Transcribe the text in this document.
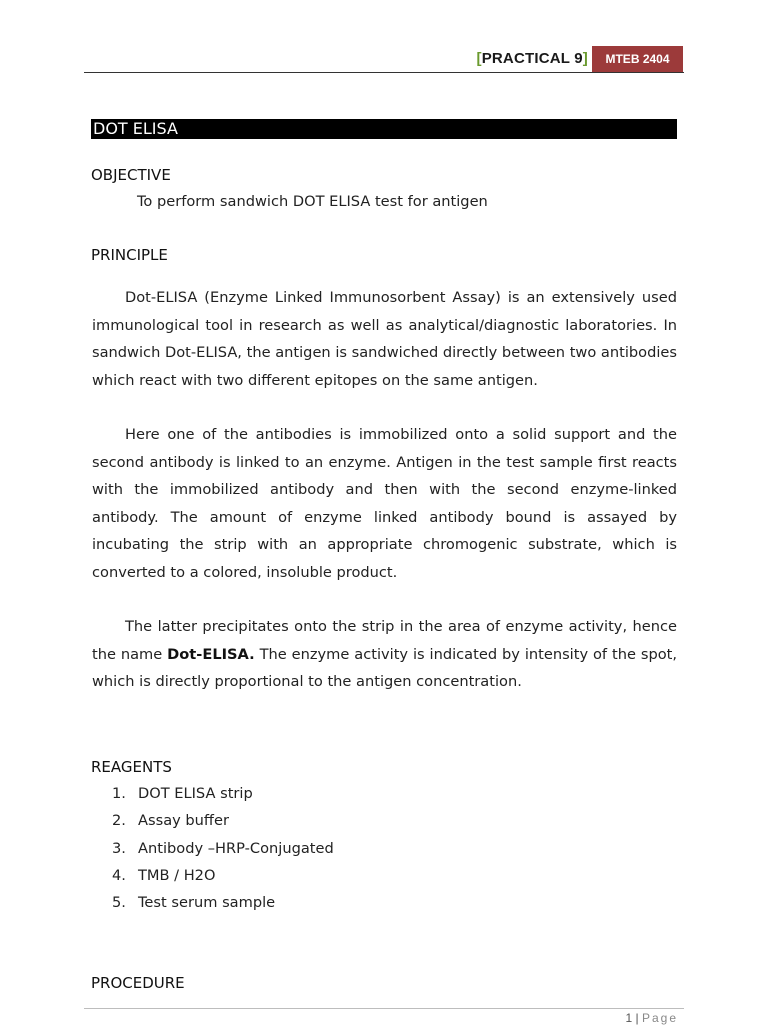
[PRACTICAL 9]	MTEB 2404
DOT ELISA
OBJECTIVE
To perform sandwich DOT ELISA test for antigen
PRINCIPLE
Dot-ELISA (Enzyme Linked Immunosorbent Assay) is an extensively used immunological tool in research as well as analytical/diagnostic laboratories. In sandwich Dot-ELISA, the antigen is sandwiched directly between two antibodies which react with two different epitopes on the same antigen.
Here one of the antibodies is immobilized onto a solid support and the second antibody is linked to an enzyme. Antigen in the test sample first reacts with the immobilized antibody and then with the second enzyme-linked antibody. The amount of enzyme linked antibody bound is assayed by incubating the strip with an appropriate chromogenic substrate, which is converted to a colored, insoluble product.
The latter precipitates onto the strip in the area of enzyme activity, hence the name Dot-ELISA. The enzyme activity is indicated by intensity of the spot, which is directly proportional to the antigen concentration.
REAGENTS
1. DOT ELISA strip
2. Assay buffer
3. Antibody –HRP-Conjugated
4. TMB / H2O
5. Test serum sample
PROCEDURE
1 | Page
